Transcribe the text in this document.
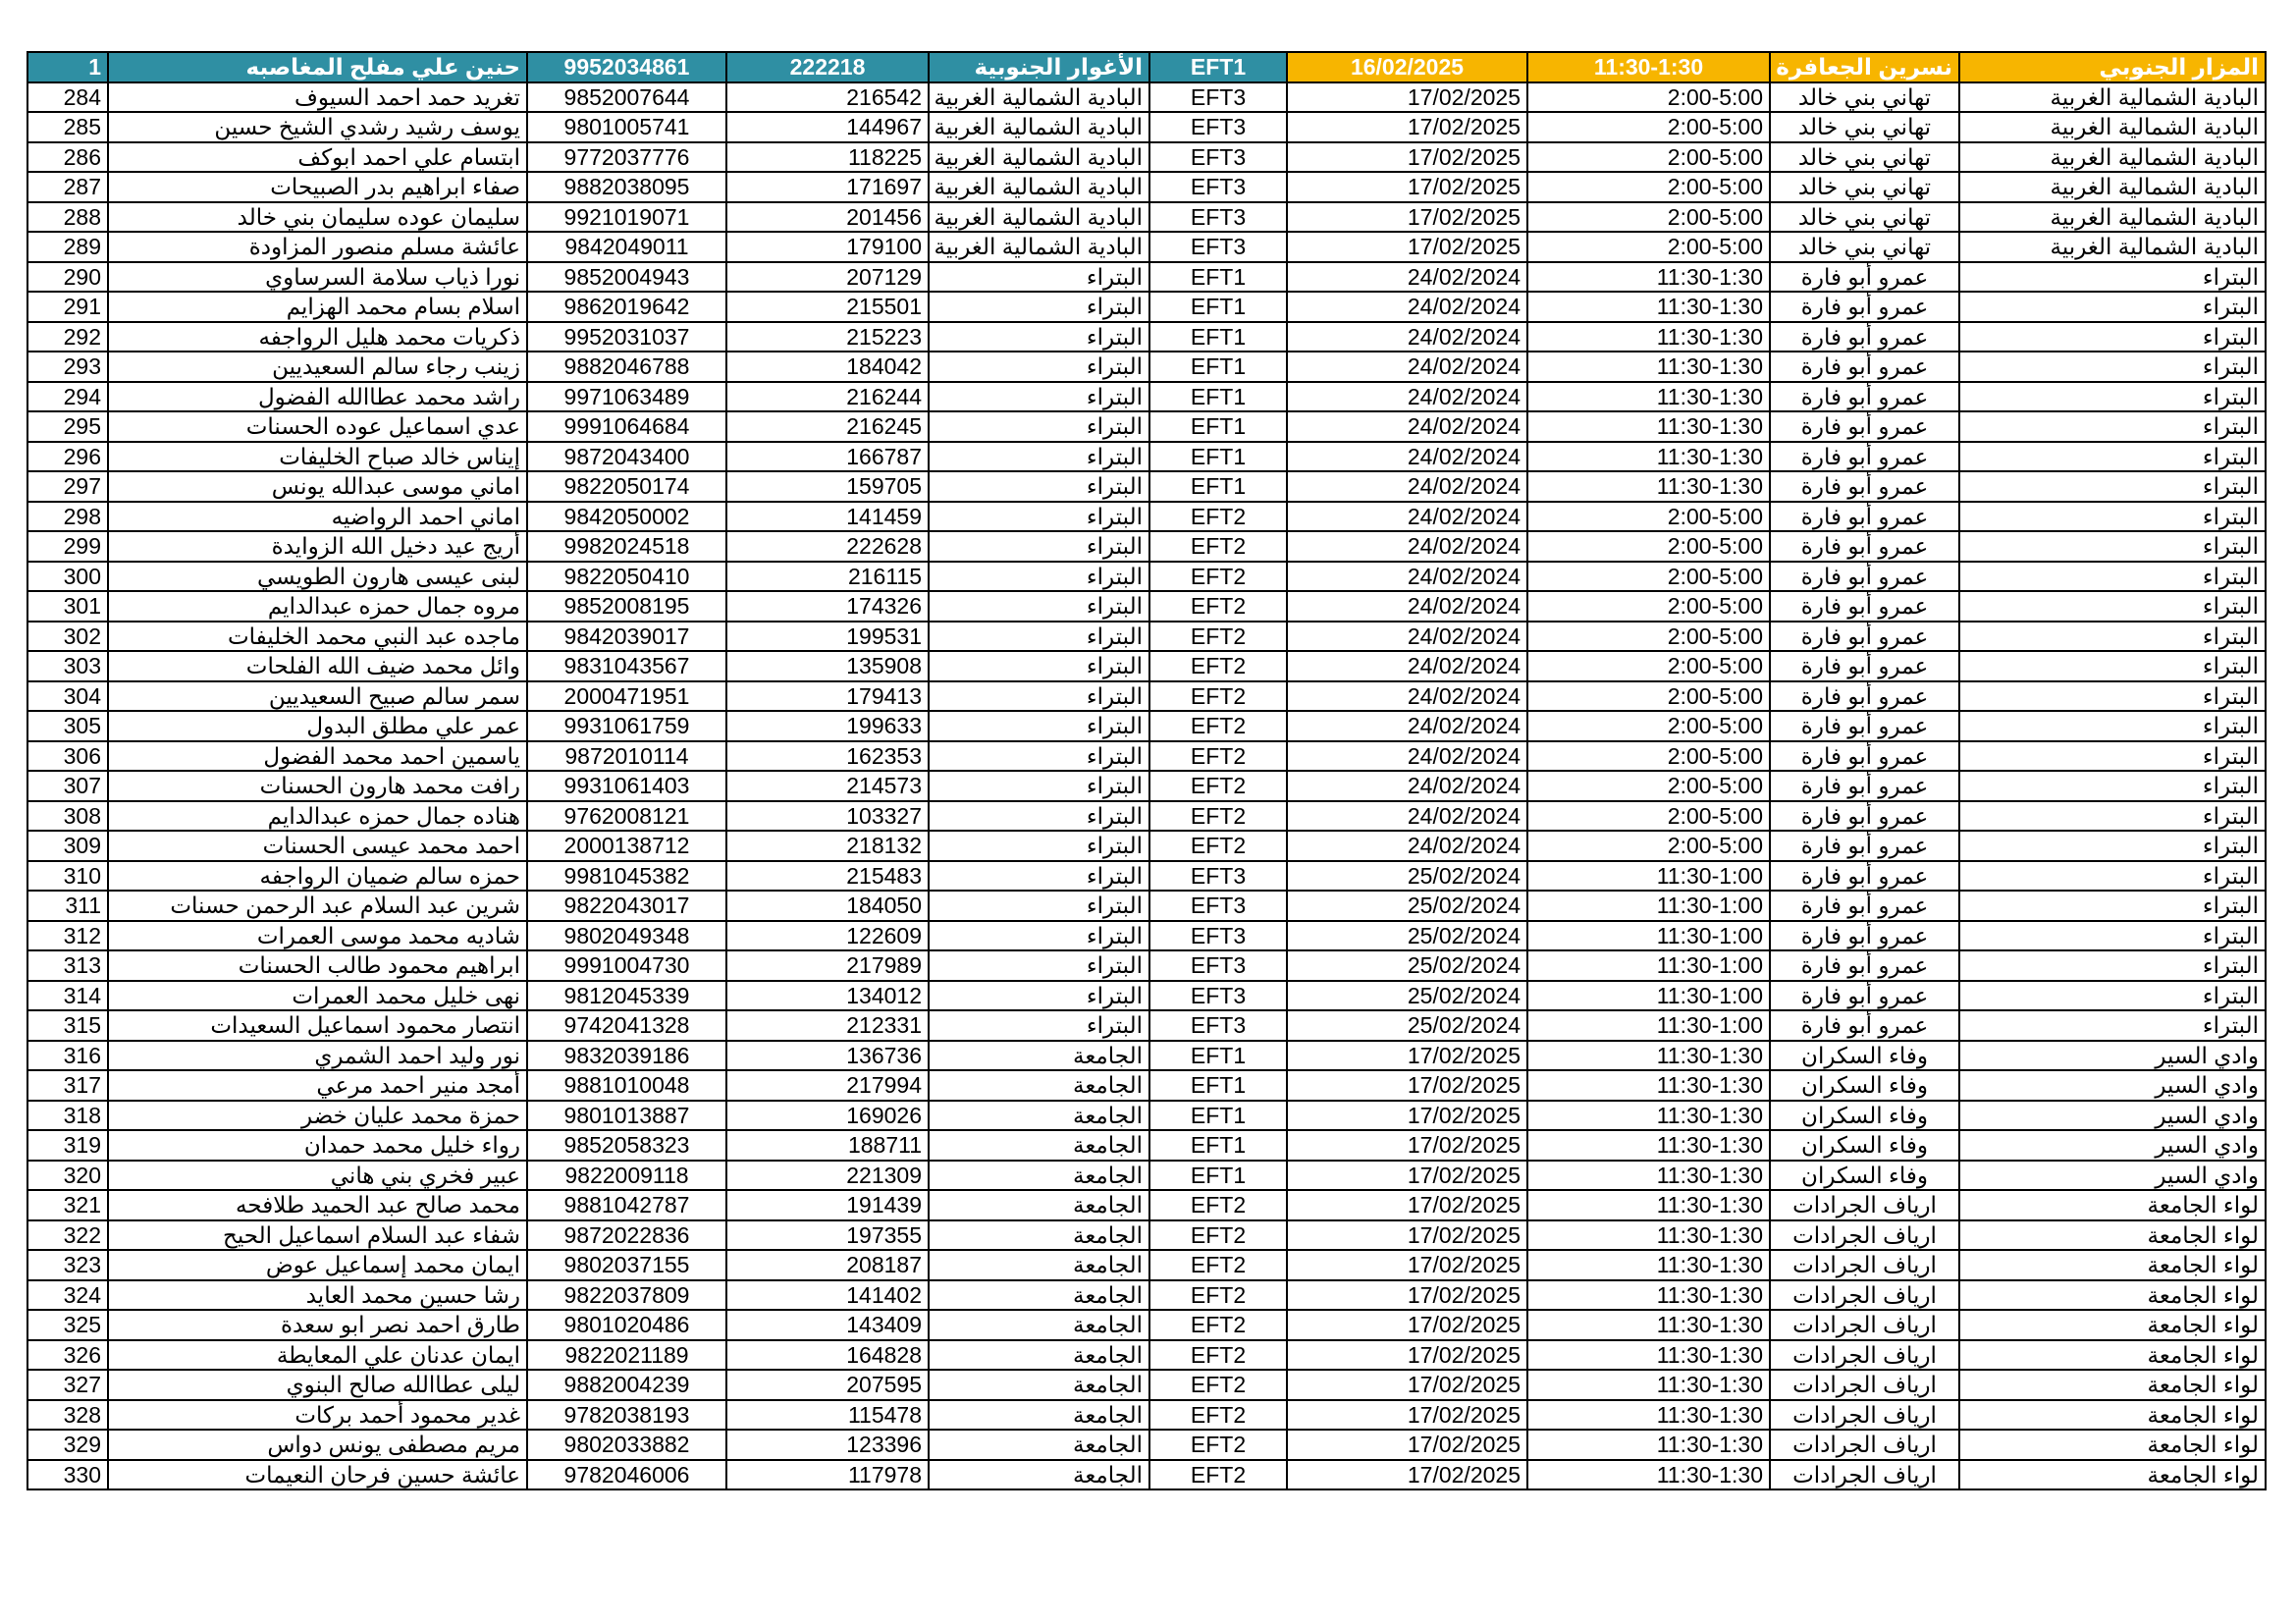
1	حنين علي مفلح المغاصبه	9952034861	222218	الأغوار الجنوبية	EFT1	16/02/2025	11:30-1:30	نسرين الجعافرة	المزار الجنوبي
284	تغريد حمد احمد السيوف	9852007644	216542	البادية الشمالية الغربية	EFT3	17/02/2025	2:00-5:00	تهاني بني خالد	البادية الشمالية الغربية
285	يوسف رشيد رشدي الشيخ حسين	9801005741	144967	البادية الشمالية الغربية	EFT3	17/02/2025	2:00-5:00	تهاني بني خالد	البادية الشمالية الغربية
286	ابتسام علي احمد ابوكف	9772037776	118225	البادية الشمالية الغربية	EFT3	17/02/2025	2:00-5:00	تهاني بني خالد	البادية الشمالية الغربية
287	صفاء ابراهيم بدر الصبيحات	9882038095	171697	البادية الشمالية الغربية	EFT3	17/02/2025	2:00-5:00	تهاني بني خالد	البادية الشمالية الغربية
288	سليمان عوده سليمان بني خالد	9921019071	201456	البادية الشمالية الغربية	EFT3	17/02/2025	2:00-5:00	تهاني بني خالد	البادية الشمالية الغربية
289	عائشة مسلم منصور المزاودة	9842049011	179100	البادية الشمالية الغربية	EFT3	17/02/2025	2:00-5:00	تهاني بني خالد	البادية الشمالية الغربية
290	نورا ذياب سلامة السرساوي	9852004943	207129	البتراء	EFT1	24/02/2024	11:30-1:30	عمرو أبو فارة	البتراء
291	اسلام بسام محمد الهزايم	9862019642	215501	البتراء	EFT1	24/02/2024	11:30-1:30	عمرو أبو فارة	البتراء
292	ذكريات محمد هليل الرواجفه	9952031037	215223	البتراء	EFT1	24/02/2024	11:30-1:30	عمرو أبو فارة	البتراء
293	زينب رجاء سالم السعيديين	9882046788	184042	البتراء	EFT1	24/02/2024	11:30-1:30	عمرو أبو فارة	البتراء
294	راشد محمد عطاالله الفضول	9971063489	216244	البتراء	EFT1	24/02/2024	11:30-1:30	عمرو أبو فارة	البتراء
295	عدي اسماعيل عوده الحسنات	9991064684	216245	البتراء	EFT1	24/02/2024	11:30-1:30	عمرو أبو فارة	البتراء
296	إيناس خالد صباح الخليفات	9872043400	166787	البتراء	EFT1	24/02/2024	11:30-1:30	عمرو أبو فارة	البتراء
297	اماني موسى عبدالله يونس	9822050174	159705	البتراء	EFT1	24/02/2024	11:30-1:30	عمرو أبو فارة	البتراء
298	اماني احمد الرواضيه	9842050002	141459	البتراء	EFT2	24/02/2024	2:00-5:00	عمرو أبو فارة	البتراء
299	أريج عيد دخيل الله الزوايدة	9982024518	222628	البتراء	EFT2	24/02/2024	2:00-5:00	عمرو أبو فارة	البتراء
300	لبنى عيسى هارون الطويسي	9822050410	216115	البتراء	EFT2	24/02/2024	2:00-5:00	عمرو أبو فارة	البتراء
301	مروه جمال حمزه عبدالدايم	9852008195	174326	البتراء	EFT2	24/02/2024	2:00-5:00	عمرو أبو فارة	البتراء
302	ماجده عبد النبي محمد الخليفات	9842039017	199531	البتراء	EFT2	24/02/2024	2:00-5:00	عمرو أبو فارة	البتراء
303	وائل محمد ضيف الله الفلحات	9831043567	135908	البتراء	EFT2	24/02/2024	2:00-5:00	عمرو أبو فارة	البتراء
304	سمر سالم صبيح السعيديين	2000471951	179413	البتراء	EFT2	24/02/2024	2:00-5:00	عمرو أبو فارة	البتراء
305	عمر علي مطلق البدول	9931061759	199633	البتراء	EFT2	24/02/2024	2:00-5:00	عمرو أبو فارة	البتراء
306	ياسمين احمد محمد الفضول	9872010114	162353	البتراء	EFT2	24/02/2024	2:00-5:00	عمرو أبو فارة	البتراء
307	رافت محمد هارون الحسنات	9931061403	214573	البتراء	EFT2	24/02/2024	2:00-5:00	عمرو أبو فارة	البتراء
308	هناده جمال حمزه عبدالدايم	9762008121	103327	البتراء	EFT2	24/02/2024	2:00-5:00	عمرو أبو فارة	البتراء
309	احمد محمد عيسى الحسنات	2000138712	218132	البتراء	EFT2	24/02/2024	2:00-5:00	عمرو أبو فارة	البتراء
310	حمزه سالم ضميان الرواجفه	9981045382	215483	البتراء	EFT3	25/02/2024	11:30-1:00	عمرو أبو فارة	البتراء
311	شرين عبد السلام عبد الرحمن حسنات	9822043017	184050	البتراء	EFT3	25/02/2024	11:30-1:00	عمرو أبو فارة	البتراء
312	شاديه محمد موسى العمرات	9802049348	122609	البتراء	EFT3	25/02/2024	11:30-1:00	عمرو أبو فارة	البتراء
313	ابراهيم محمود طالب الحسنات	9991004730	217989	البتراء	EFT3	25/02/2024	11:30-1:00	عمرو أبو فارة	البتراء
314	نهى خليل محمد العمرات	9812045339	134012	البتراء	EFT3	25/02/2024	11:30-1:00	عمرو أبو فارة	البتراء
315	انتصار محمود اسماعيل السعيدات	9742041328	212331	البتراء	EFT3	25/02/2024	11:30-1:00	عمرو أبو فارة	البتراء
316	نور وليد احمد الشمري	9832039186	136736	الجامعة	EFT1	17/02/2025	11:30-1:30	وفاء السكران	وادي السير
317	أمجد منير احمد مرعي	9881010048	217994	الجامعة	EFT1	17/02/2025	11:30-1:30	وفاء السكران	وادي السير
318	حمزة محمد عليان خضر	9801013887	169026	الجامعة	EFT1	17/02/2025	11:30-1:30	وفاء السكران	وادي السير
319	رواء خليل محمد حمدان	9852058323	188711	الجامعة	EFT1	17/02/2025	11:30-1:30	وفاء السكران	وادي السير
320	عبير فخري بني هاني	9822009118	221309	الجامعة	EFT1	17/02/2025	11:30-1:30	وفاء السكران	وادي السير
321	محمد صالح عبد الحميد طلافحه	9881042787	191439	الجامعة	EFT2	17/02/2025	11:30-1:30	ارياف الجرادات	لواء الجامعة
322	شفاء عبد السلام اسماعيل الحيح	9872022836	197355	الجامعة	EFT2	17/02/2025	11:30-1:30	ارياف الجرادات	لواء الجامعة
323	ايمان محمد إسماعيل عوض	9802037155	208187	الجامعة	EFT2	17/02/2025	11:30-1:30	ارياف الجرادات	لواء الجامعة
324	رشا حسين محمد العايد	9822037809	141402	الجامعة	EFT2	17/02/2025	11:30-1:30	ارياف الجرادات	لواء الجامعة
325	طارق احمد نصر ابو سعدة	9801020486	143409	الجامعة	EFT2	17/02/2025	11:30-1:30	ارياف الجرادات	لواء الجامعة
326	ايمان عدنان علي المعايطة	9822021189	164828	الجامعة	EFT2	17/02/2025	11:30-1:30	ارياف الجرادات	لواء الجامعة
327	ليلى عطاالله صالح البنوي	9882004239	207595	الجامعة	EFT2	17/02/2025	11:30-1:30	ارياف الجرادات	لواء الجامعة
328	غدير محمود أحمد بركات	9782038193	115478	الجامعة	EFT2	17/02/2025	11:30-1:30	ارياف الجرادات	لواء الجامعة
329	مريم مصطفى يونس دواس	9802033882	123396	الجامعة	EFT2	17/02/2025	11:30-1:30	ارياف الجرادات	لواء الجامعة
330	عائشة حسين فرحان النعيمات	9782046006	117978	الجامعة	EFT2	17/02/2025	11:30-1:30	ارياف الجرادات	لواء الجامعة
